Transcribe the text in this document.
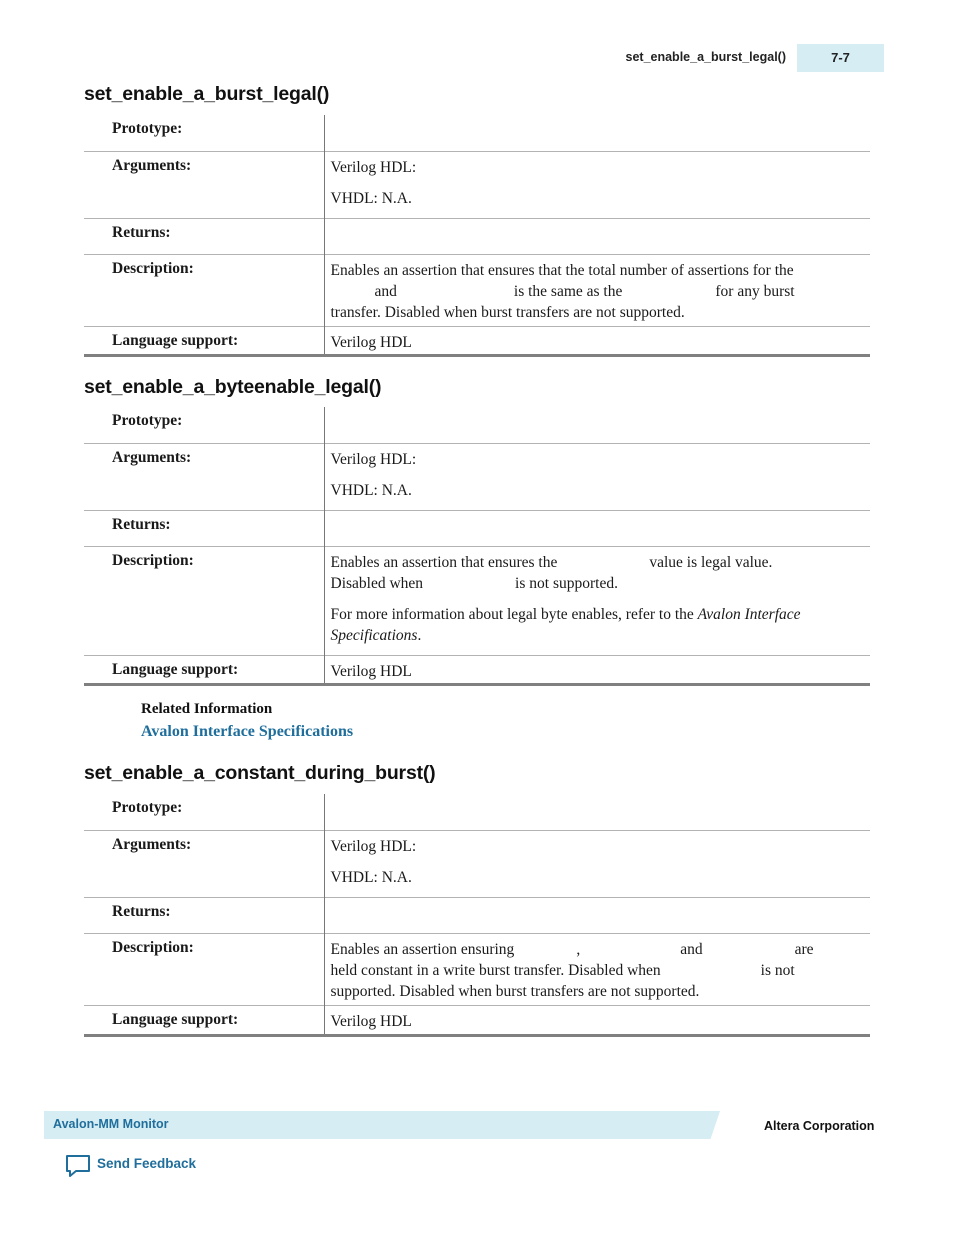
set_enable_a_burst_legal()	7-7
set_enable_a_burst_legal()
Prototype:	

Arguments:	Verilog HDL:

VHDL: N.A.

Returns:	

Description:	Enables an assertion that ensures that the total number of assertions for the

and is the same as the for any burst

transfer. Disabled when burst transfers are not supported.

Language support:	Verilog HDL

set_enable_a_byteenable_legal()
Prototype:	

Arguments:	Verilog HDL:

VHDL: N.A.

Returns:	

Description:	Enables an assertion that ensures the value is legal value.

Disabled when is not supported.

For more information about legal byte enables, refer to the Avalon Interface Specifications.

Language support:	Verilog HDL

Related Information
Avalon Interface Specifications
set_enable_a_constant_during_burst()
Prototype:	

Arguments:	Verilog HDL:

VHDL: N.A.

Returns:	

Description:	Enables an assertion ensuring , and are

held constant in a write burst transfer. Disabled when is not

supported. Disabled when burst transfers are not supported.

Language support:	Verilog HDL

Avalon-MM Monitor	Altera Corporation
Send Feedback
